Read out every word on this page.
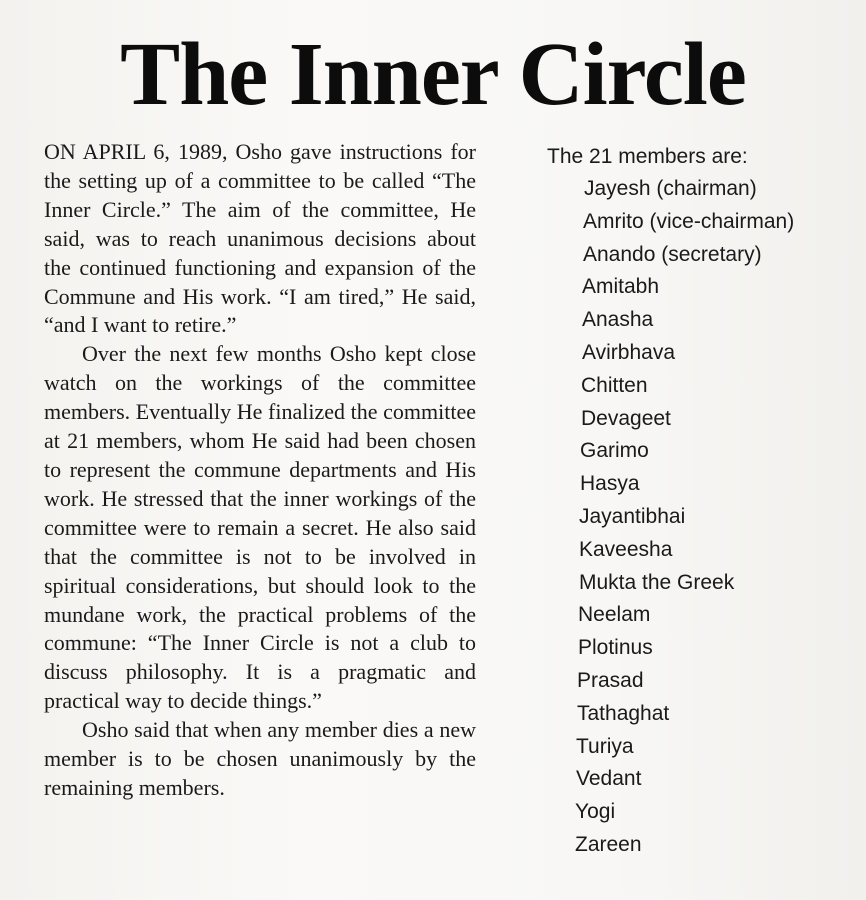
The Inner Circle

ON APRIL 6, 1989, Osho gave instructions for the setting up of a committee to be called “The Inner Circle.” The aim of the committee, He said, was to reach unanimous decisions about the continued functioning and expansion of the Commune and His work. “I am tired,” He said, “and I want to retire.”

Over the next few months Osho kept close watch on the workings of the committee members. Eventually He finalized the committee at 21 members, whom He said had been chosen to represent the commune departments and His work. He stressed that the inner workings of the committee were to remain a secret. He also said that the committee is not to be involved in spiritual considerations, but should look to the mundane work, the practical problems of the commune: “The Inner Circle is not a club to discuss philosophy. It is a pragmatic and practical way to decide things.”

Osho said that when any member dies a new member is to be chosen unanimously by the remaining members.

The 21 members are:
Jayesh (chairman)
Amrito (vice-chairman)
Anando (secretary)
Amitabh
Anasha
Avirbhava
Chitten
Devageet
Garimo
Hasya
Jayantibhai
Kaveesha
Mukta the Greek
Neelam
Plotinus
Prasad
Tathaghat
Turiya
Vedant
Yogi
Zareen
